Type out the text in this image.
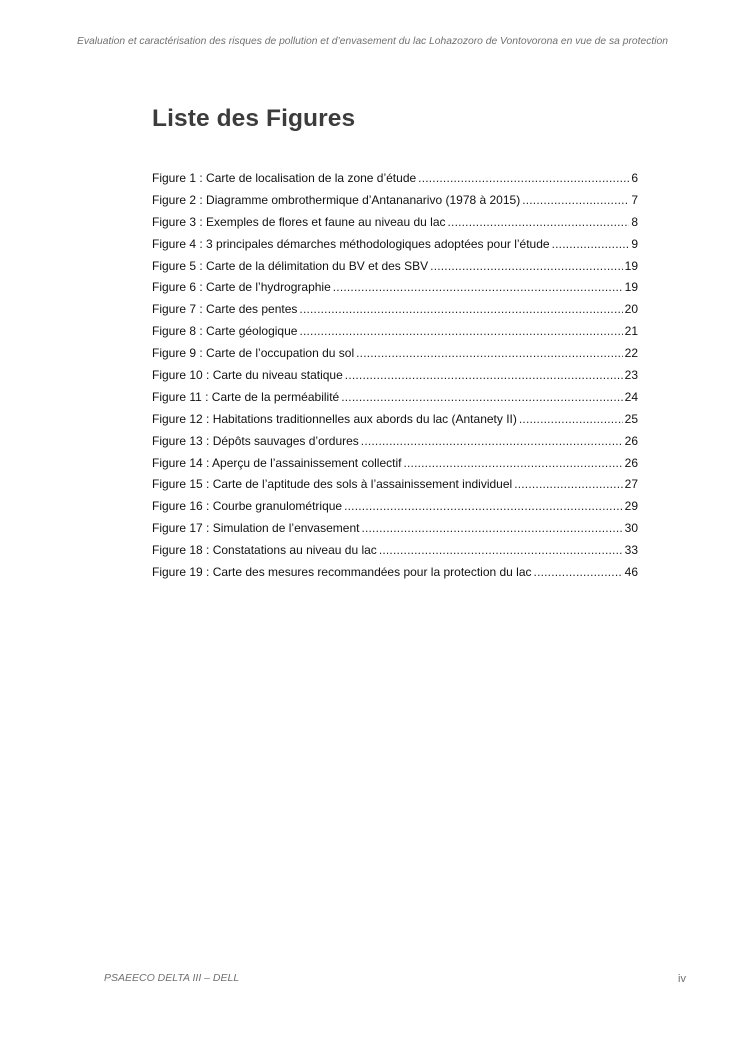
Evaluation et caractérisation des risques de pollution et d’envasement du lac Lohazozoro de Vontovorona en vue de sa protection
Liste des Figures
Figure 1 : Carte de localisation de la zone d’étude .....	6
Figure 2 : Diagramme ombrothermique d’Antananarivo (1978 à 2015) .....	7
Figure 3 : Exemples de flores et faune au niveau du lac .....	8
Figure 4 : 3 principales démarches méthodologiques adoptées pour l’étude .....	9
Figure 5 : Carte de la délimitation du BV et des SBV .....	19
Figure 6 : Carte de l’hydrographie .....	19
Figure 7 : Carte des pentes .....	20
Figure 8 : Carte géologique .....	21
Figure 9 : Carte de l’occupation du sol .....	22
Figure 10 : Carte du niveau statique .....	23
Figure 11 : Carte de la perméabilité .....	24
Figure 12 : Habitations traditionnelles aux abords du lac (Antanety II) .....	25
Figure 13 : Dépôts sauvages d’ordures .....	26
Figure 14 : Aperçu de l’assainissement collectif .....	26
Figure 15 : Carte de l’aptitude des sols à l’assainissement individuel .....	27
Figure 16 : Courbe granulométrique .....	29
Figure 17 : Simulation de l’envasement .....	30
Figure 18 : Constatations au niveau du lac .....	33
Figure 19 : Carte des mesures recommandées pour la protection du lac .....	46
PSAEECO DELTA III – DELL	iv
